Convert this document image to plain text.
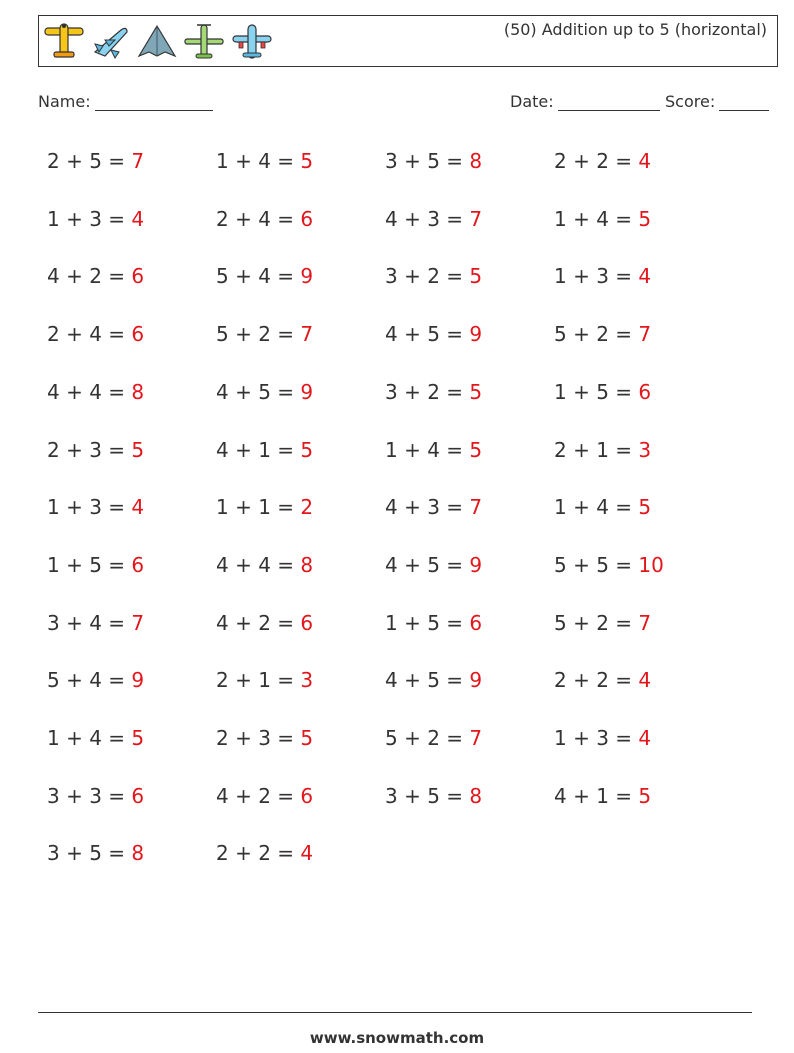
(50) Addition up to 5 (horizontal)
Name:	Date:	Score:
2 + 5 = 7
1 + 3 = 4
4 + 2 = 6
2 + 4 = 6
4 + 4 = 8
2 + 3 = 5
1 + 3 = 4
1 + 5 = 6
3 + 4 = 7
5 + 4 = 9
1 + 4 = 5
3 + 3 = 6
3 + 5 = 8
1 + 4 = 5
2 + 4 = 6
5 + 4 = 9
5 + 2 = 7
4 + 5 = 9
4 + 1 = 5
1 + 1 = 2
4 + 4 = 8
4 + 2 = 6
2 + 1 = 3
2 + 3 = 5
4 + 2 = 6
2 + 2 = 4
3 + 5 = 8
4 + 3 = 7
3 + 2 = 5
4 + 5 = 9
3 + 2 = 5
1 + 4 = 5
4 + 3 = 7
4 + 5 = 9
1 + 5 = 6
4 + 5 = 9
5 + 2 = 7
3 + 5 = 8
2 + 2 = 4
1 + 4 = 5
1 + 3 = 4
5 + 2 = 7
1 + 5 = 6
2 + 1 = 3
1 + 4 = 5
5 + 5 = 10
5 + 2 = 7
2 + 2 = 4
1 + 3 = 4
4 + 1 = 5
www.snowmath.com
